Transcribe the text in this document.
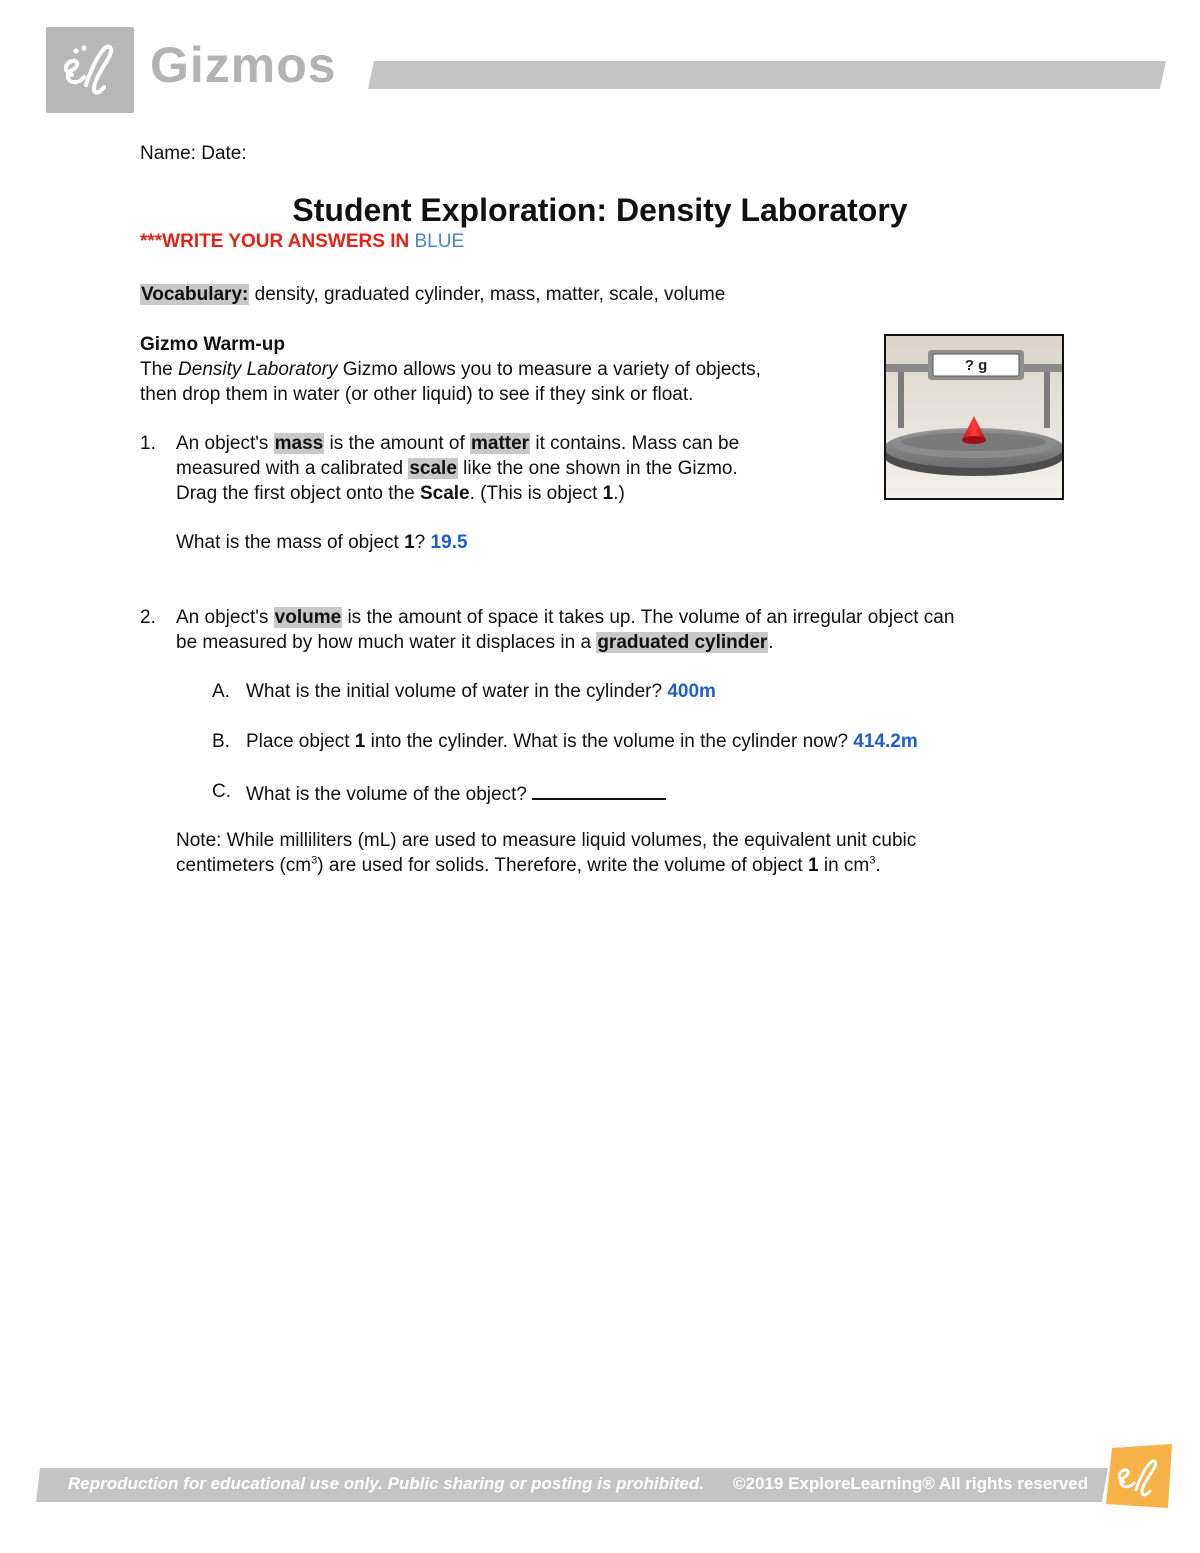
Gizmos
Name: Date:
Student Exploration: Density Laboratory
***WRITE YOUR ANSWERS IN BLUE
Vocabulary: density, graduated cylinder, mass, matter, scale, volume
Gizmo Warm-up
The Density Laboratory Gizmo allows you to measure a variety of objects,
then drop them in water (or other liquid) to see if they sink or float.
? g
1. An object's mass is the amount of matter it contains. Mass can be
measured with a calibrated scale like the one shown in the Gizmo.
Drag the first object onto the Scale. (This is object 1.)
What is the mass of object 1? 19.5
2. An object's volume is the amount of space it takes up. The volume of an irregular object can
be measured by how much water it displaces in a graduated cylinder.
A. What is the initial volume of water in the cylinder? 400m
B. Place object 1 into the cylinder. What is the volume in the cylinder now? 414.2m
C. What is the volume of the object?
Note: While milliliters (mL) are used to measure liquid volumes, the equivalent unit cubic
centimeters $(cm^3)$ are used for solids. Therefore, write the volume of object 1 in $cm^3$.
Reproduction for educational use only. Public sharing or posting is prohibited. ©2019 ExploreLearning® All rights reserved
